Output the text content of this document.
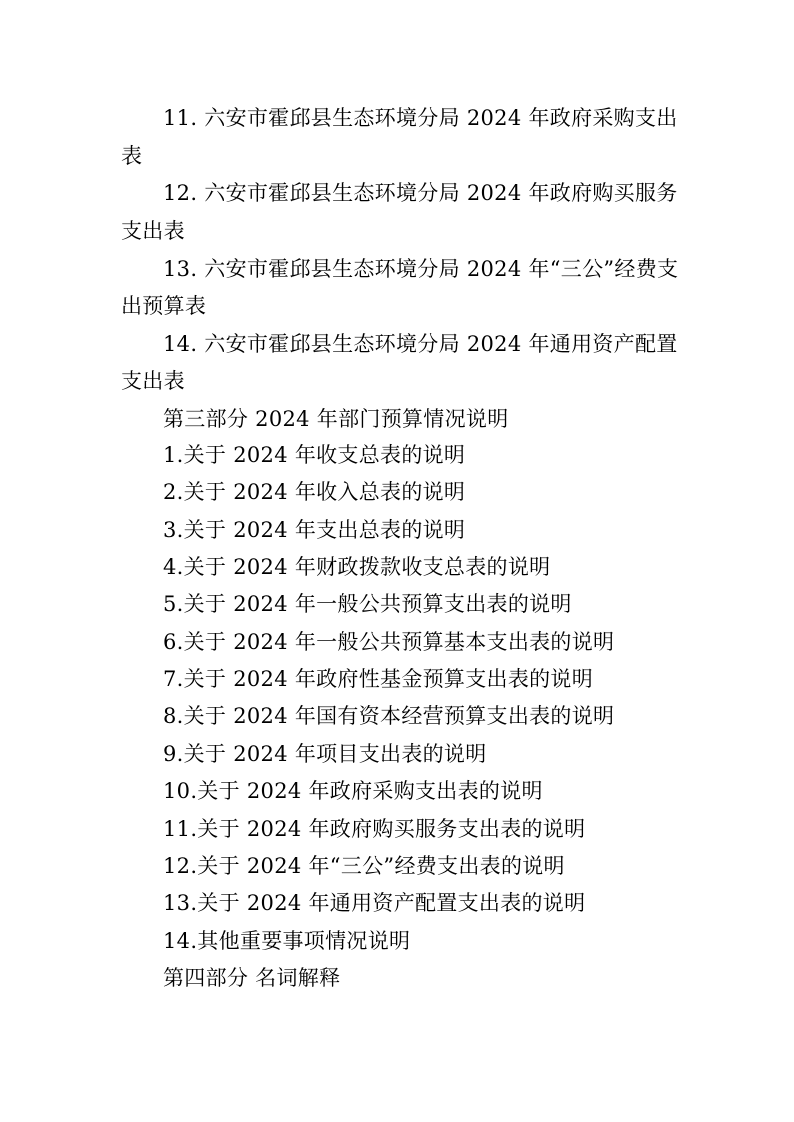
11. 六安市霍邱县生态环境分局 2024 年政府采购支出
表
12. 六安市霍邱县生态环境分局 2024 年政府购买服务
支出表
13. 六安市霍邱县生态环境分局 2024 年“三公”经费支
出预算表
14. 六安市霍邱县生态环境分局 2024 年通用资产配置
支出表
第三部分 2024 年部门预算情况说明
1.关于 2024 年收支总表的说明
2.关于 2024 年收入总表的说明
3.关于 2024 年支出总表的说明
4.关于 2024 年财政拨款收支总表的说明
5.关于 2024 年一般公共预算支出表的说明
6.关于 2024 年一般公共预算基本支出表的说明
7.关于 2024 年政府性基金预算支出表的说明
8.关于 2024 年国有资本经营预算支出表的说明
9.关于 2024 年项目支出表的说明
10.关于 2024 年政府采购支出表的说明
11.关于 2024 年政府购买服务支出表的说明
12.关于 2024 年“三公”经费支出表的说明
13.关于 2024 年通用资产配置支出表的说明
14.其他重要事项情况说明
第四部分 名词解释
